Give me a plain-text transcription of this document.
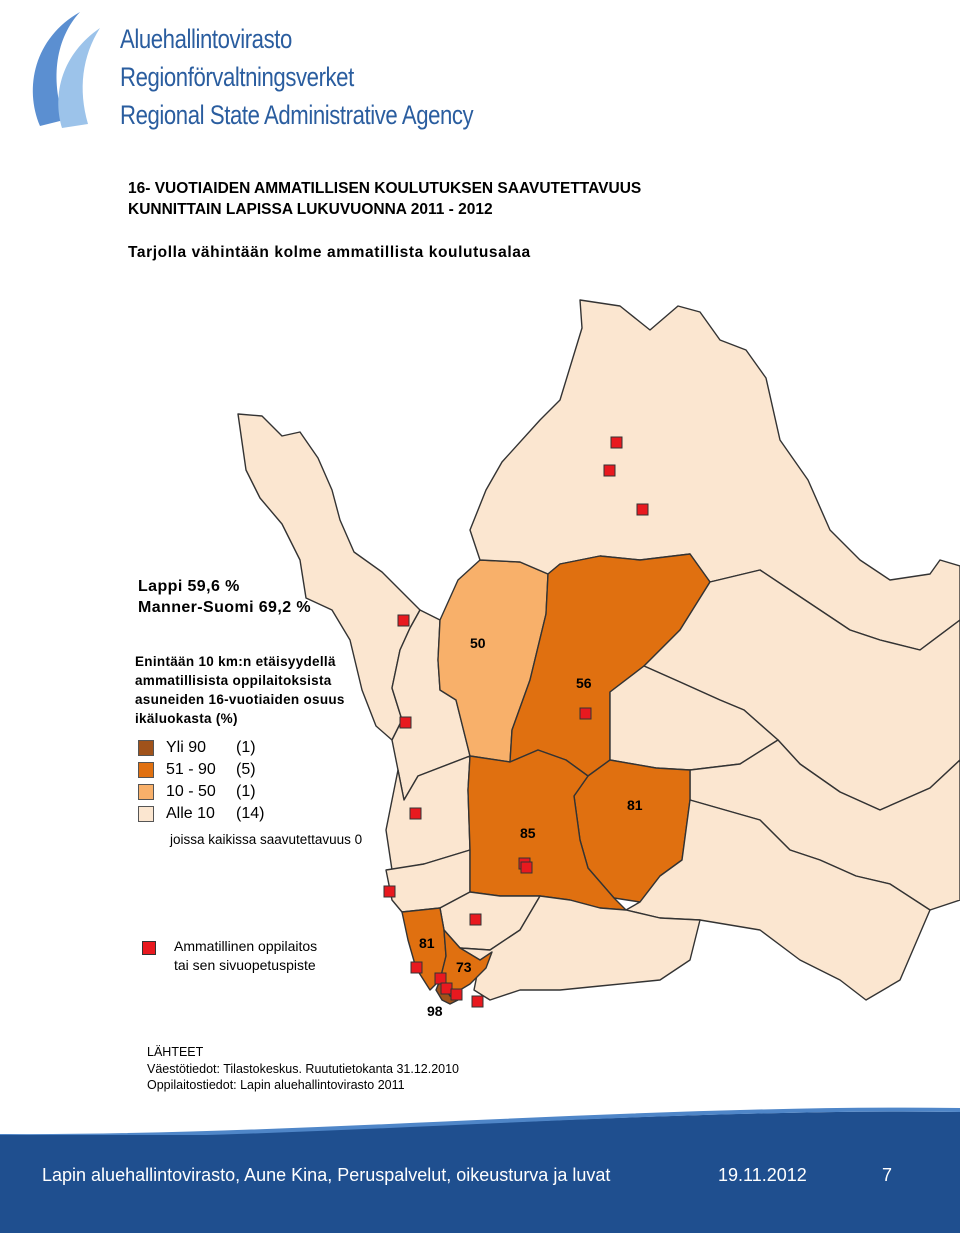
Aluehallintovirasto
Regionförvaltningsverket
Regional State Administrative Agency
16- VUOTIAIDEN AMMATILLISEN KOULUTUKSEN SAAVUTETTAVUUS
KUNNITTAIN LAPISSA LUKUVUONNA 2011 - 2012
Tarjolla vähintään kolme ammatillista koulutusalaa
50
56
85
81
81
73
98
Lappi 59,6 %
Manner-Suomi 69,2 %
Enintään 10 km:n etäisyydellä
ammatillisista oppilaitoksista
asuneiden 16-vuotiaiden osuus
ikäluokasta (%)
Yli 90	(1)
51 - 90	(5)
10 - 50	(1)
Alle 10	(14)
joissa kaikissa saavutettavuus 0
Ammatillinen oppilaitos
tai sen sivuopetuspiste
LÄHTEET
Väestötiedot: Tilastokeskus. Ruututietokanta 31.12.2010
Oppilaitostiedot: Lapin aluehallintovirasto 2011
Lapin aluehallintovirasto, Aune Kina, Peruspalvelut, oikeusturva ja luvat	19.11.2012	7
